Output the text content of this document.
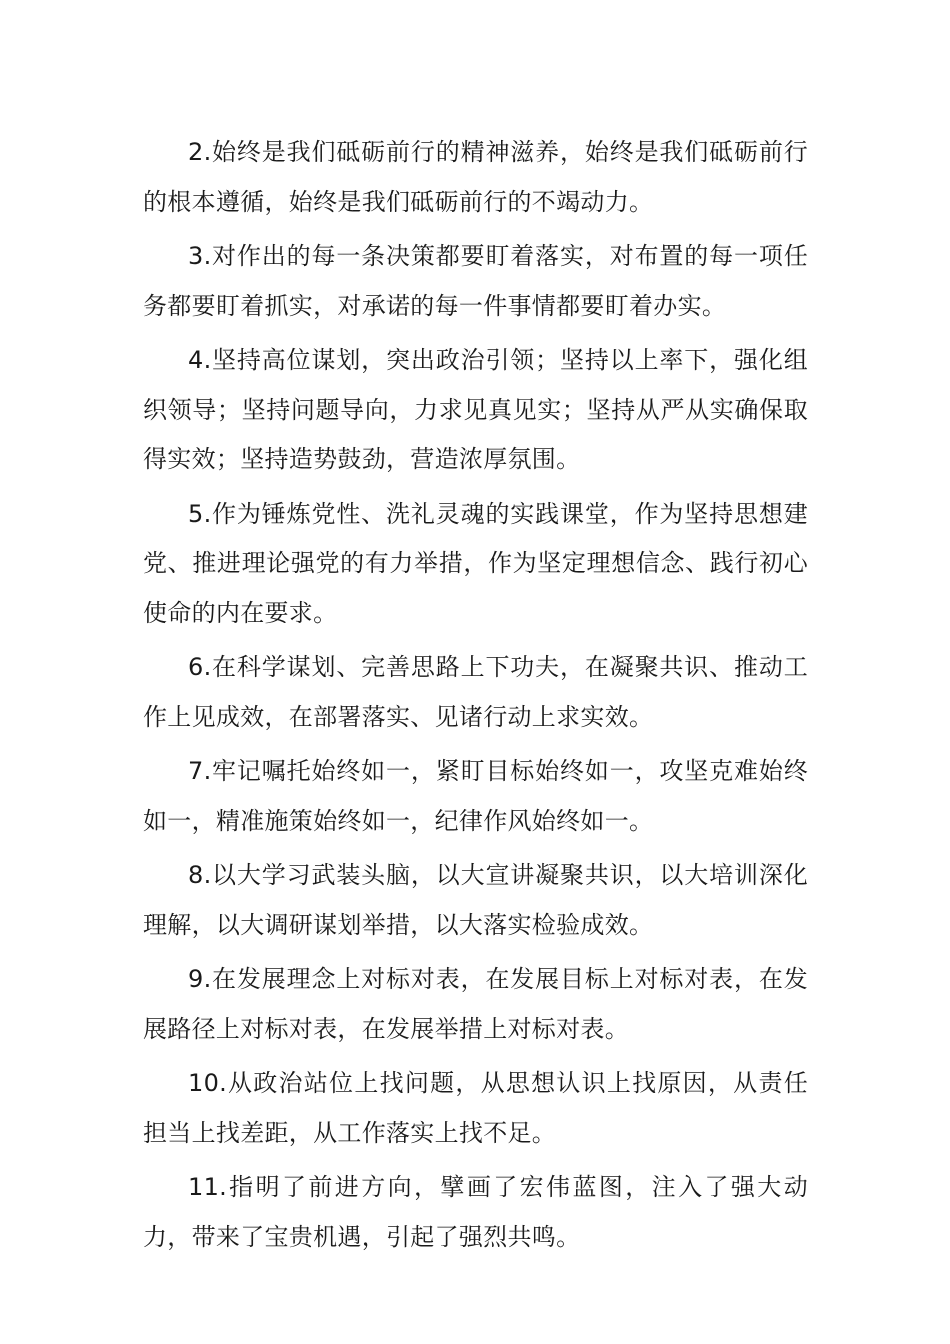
2.始终是我们砥砺前行的精神滋养，始终是我们砥砺前行的根本遵循，始终是我们砥砺前行的不竭动力。

3.对作出的每一条决策都要盯着落实，对布置的每一项任务都要盯着抓实，对承诺的每一件事情都要盯着办实。

4.坚持高位谋划，突出政治引领；坚持以上率下，强化组织领导；坚持问题导向，力求见真见实；坚持从严从实确保取得实效；坚持造势鼓劲，营造浓厚氛围。

5.作为锤炼党性、洗礼灵魂的实践课堂，作为坚持思想建党、推进理论强党的有力举措，作为坚定理想信念、践行初心使命的内在要求。

6.在科学谋划、完善思路上下功夫，在凝聚共识、推动工作上见成效，在部署落实、见诸行动上求实效。

7.牢记嘱托始终如一，紧盯目标始终如一，攻坚克难始终如一，精准施策始终如一，纪律作风始终如一。

8.以大学习武装头脑，以大宣讲凝聚共识，以大培训深化理解，以大调研谋划举措，以大落实检验成效。

9.在发展理念上对标对表，在发展目标上对标对表，在发展路径上对标对表，在发展举措上对标对表。

10.从政治站位上找问题，从思想认识上找原因，从责任担当上找差距，从工作落实上找不足。

11.指明了前进方向，擘画了宏伟蓝图，注入了强大动力，带来了宝贵机遇，引起了强烈共鸣。
